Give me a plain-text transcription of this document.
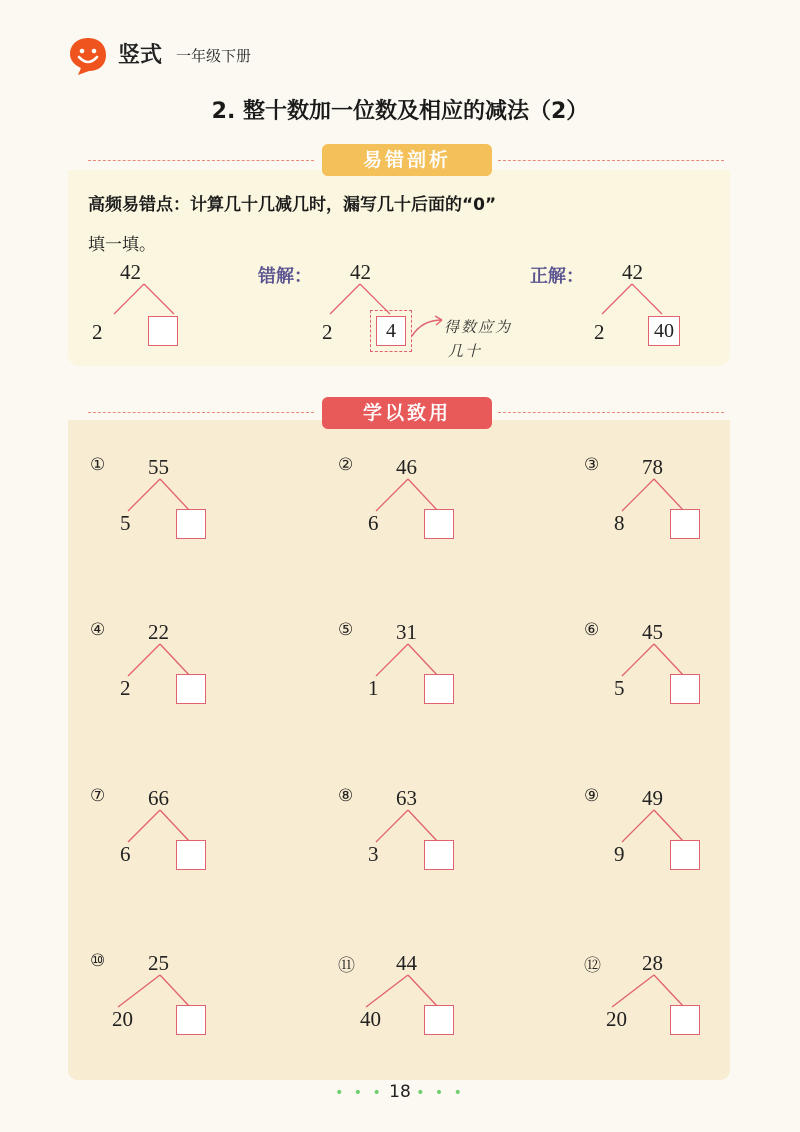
竖式 一年级下册
2. 整十数加一位数及相应的减法（2）
易错剖析
高频易错点：计算几十几减几时，漏写几十后面的“0”
填一填。
42
2
错解： 42
2	4	得数应为
几十
正解： 42
2	40
学以致用
① 55
5
② 46
6
③ 78
8
④ 22
2
⑤ 31
1
⑥ 45
5
⑦ 66
6
⑧ 63
3
⑨ 49
9
⑩ 25
20
⑪ 44
40
⑫ 28
20
• • • 18 • • •
